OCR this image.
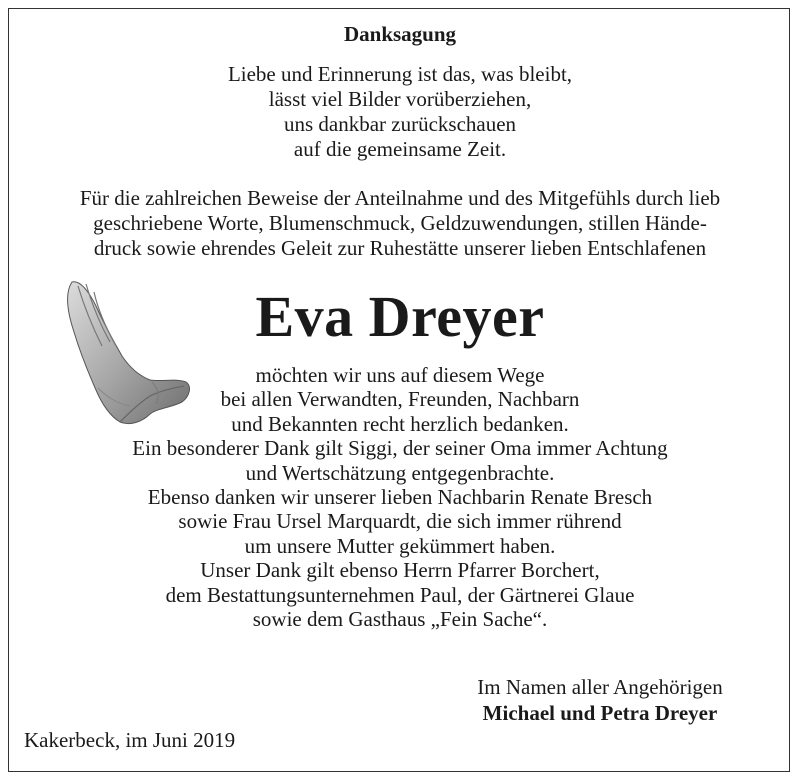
Danksagung
Liebe und Erinnerung ist das, was bleibt,
lässt viel Bilder vorüberziehen,
uns dankbar zurückschauen
auf die gemeinsame Zeit.
Für die zahlreichen Beweise der Anteilnahme und des Mitgefühls durch lieb
geschriebene Worte, Blumenschmuck, Geldzuwendungen, stillen Hände-
druck sowie ehrendes Geleit zur Ruhestätte unserer lieben Entschlafenen
Eva Dreyer
möchten wir uns auf diesem Wege
bei allen Verwandten, Freunden, Nachbarn
und Bekannten recht herzlich bedanken.
Ein besonderer Dank gilt Siggi, der seiner Oma immer Achtung
und Wertschätzung entgegenbrachte.
Ebenso danken wir unserer lieben Nachbarin Renate Bresch
sowie Frau Ursel Marquardt, die sich immer rührend
um unsere Mutter gekümmert haben.
Unser Dank gilt ebenso Herrn Pfarrer Borchert,
dem Bestattungsunternehmen Paul, der Gärtnerei Glaue
sowie dem Gasthaus „Fein Sache“.
Im Namen aller Angehörigen
Michael und Petra Dreyer
Kakerbeck, im Juni 2019
